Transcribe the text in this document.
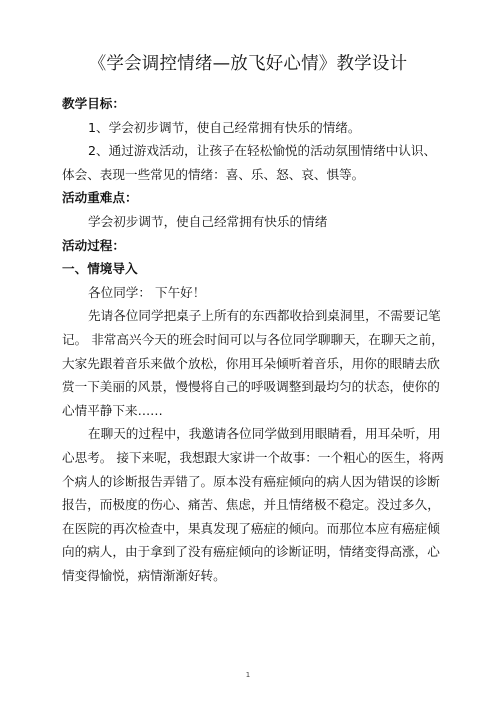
《学会调控情绪—放飞好心情》教学设计

教学目标：

1、学会初步调节，使自己经常拥有快乐的情绪。

2、通过游戏活动，让孩子在轻松愉悦的活动氛围情绪中认识、

体会、表现一些常见的情绪：喜、乐、怒、哀、惧等。

活动重难点：

学会初步调节，使自己经常拥有快乐的情绪

活动过程：

一、情境导入

各位同学： 下午好！

先请各位同学把桌子上所有的东西都收拾到桌洞里，不需要记笔

记。 非常高兴今天的班会时间可以与各位同学聊聊天，在聊天之前，

大家先跟着音乐来做个放松，你用耳朵倾听着音乐，用你的眼睛去欣

赏一下美丽的风景，慢慢将自己的呼吸调整到最均匀的状态，使你的

心情平静下来……

在聊天的过程中，我邀请各位同学做到用眼睛看，用耳朵听，用

心思考。 接下来呢，我想跟大家讲一个故事：一个粗心的医生，将两

个病人的诊断报告弄错了。原本没有癌症倾向的病人因为错误的诊断

报告，而极度的伤心、痛苦、焦虑，并且情绪极不稳定。没过多久，

在医院的再次检查中，果真发现了癌症的倾向。而那位本应有癌症倾

向的病人，由于拿到了没有癌症倾向的诊断证明，情绪变得高涨，心

情变得愉悦，病情渐渐好转。

1
